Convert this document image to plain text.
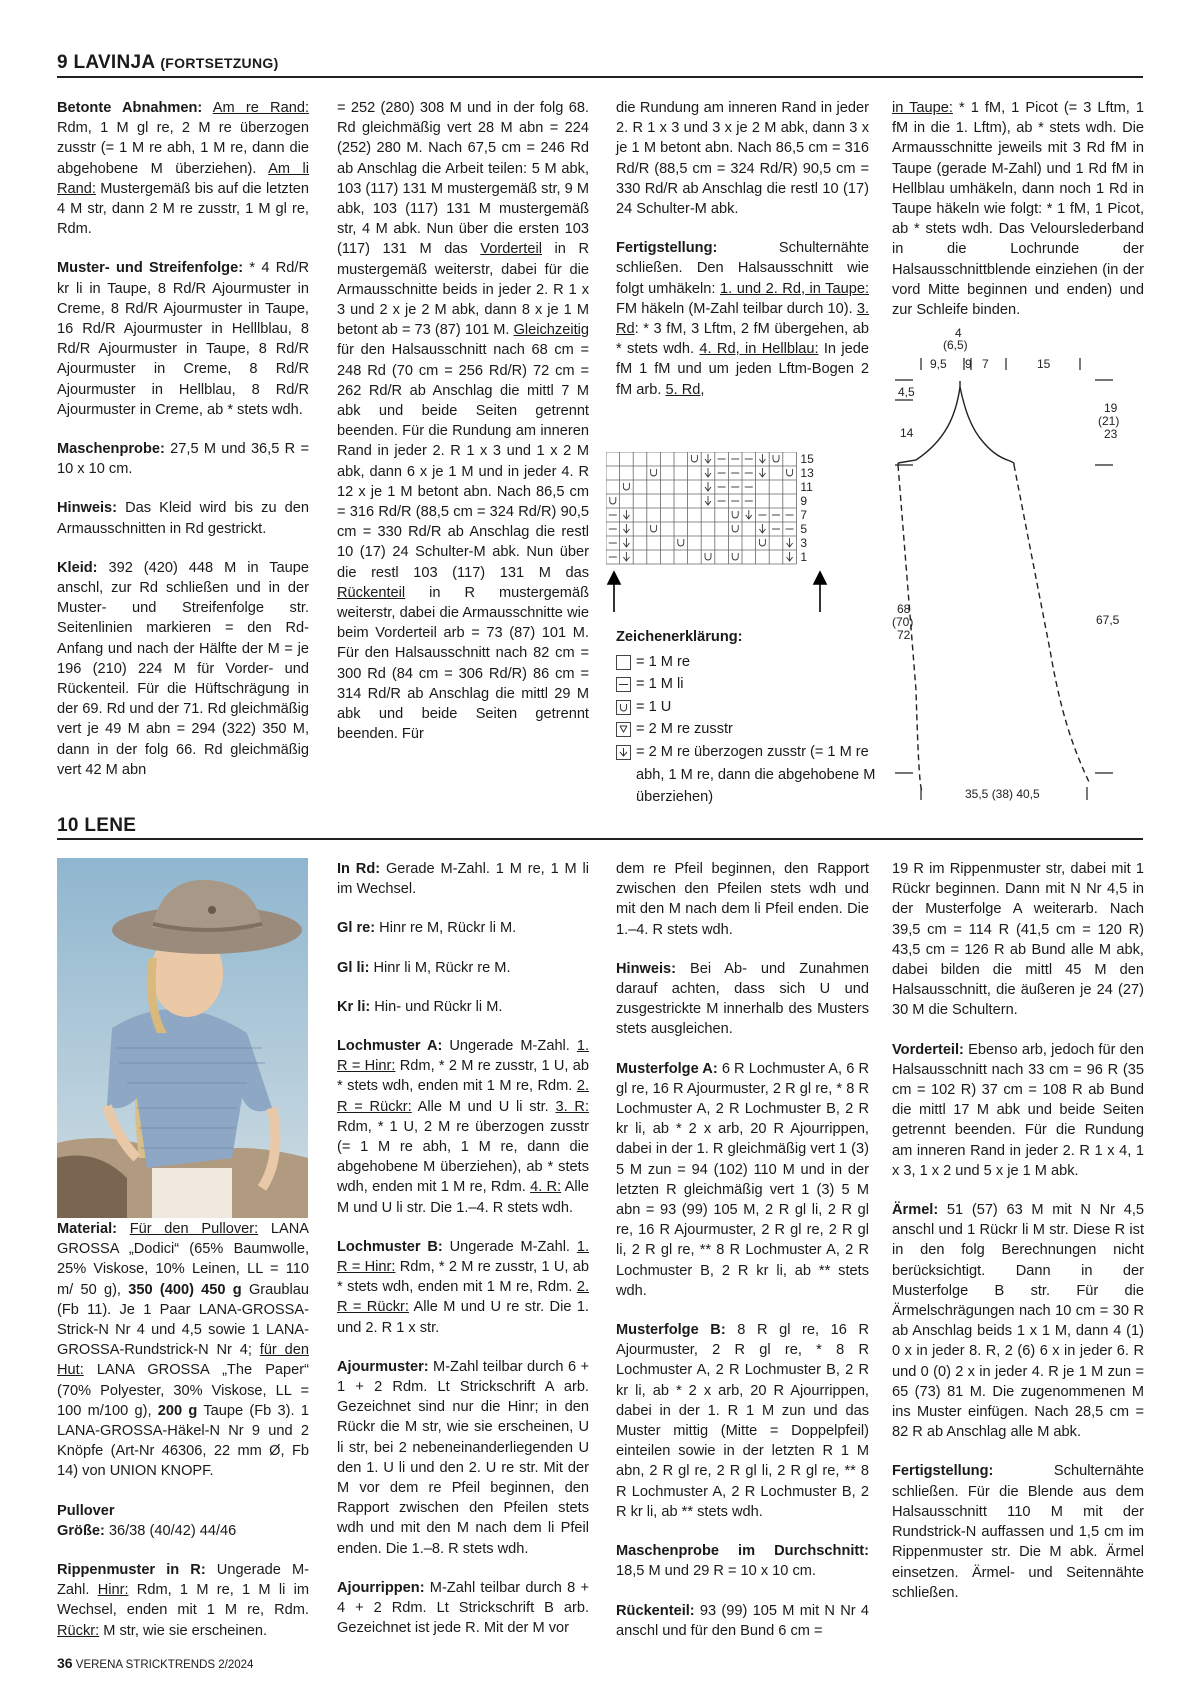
9 LAVINJA (FORTSETZUNG)

Betonte Abnahmen: Am re Rand: Rdm, 1 M gl re, 2 M re überzogen zusstr (= 1 M re abh, 1 M re, dann die abgehobene M überziehen). Am li Rand: Mustergemäß bis auf die letzten 4 M str, dann 2 M re zusstr, 1 M gl re, Rdm.

Muster- und Streifenfolge: * 4 Rd/R kr li in Taupe, 8 Rd/R Ajourmuster in Creme, 8 Rd/R Ajourmuster in Taupe, 16 Rd/R Ajourmuster in Helllblau, 8 Rd/R Ajourmuster in Taupe, 8 Rd/R Ajourmuster in Creme, 8 Rd/R Ajourmuster in Hellblau, 8 Rd/R Ajourmuster in Creme, ab * stets wdh.

Maschenprobe: 27,5 M und 36,5 R = 10 x 10 cm.

Hinweis: Das Kleid wird bis zu den Armausschnitten in Rd gestrickt.

Kleid: 392 (420) 448 M in Taupe anschl, zur Rd schließen und in der Muster- und Streifenfolge str. Seitenlinien markieren = den Rd-Anfang und nach der Hälfte der M = je 196 (210) 224 M für Vorder- und Rückenteil. Für die Hüftschrägung in der 69. Rd und der 71. Rd gleichmäßig vert je 49 M abn = 294 (322) 350 M, dann in der folg 66. Rd gleichmäßig vert 42 M abn

= 252 (280) 308 M und in der folg 68. Rd gleichmäßig vert 28 M abn = 224 (252) 280 M. Nach 67,5 cm = 246 Rd ab Anschlag die Arbeit teilen: 5 M abk, 103 (117) 131 M mustergemäß str, 9 M abk, 103 (117) 131 M mustergemäß str, 4 M abk. Nun über die ersten 103 (117) 131 M das Vorderteil in R mustergemäß weiterstr, dabei für die Armausschnitte beids in jeder 2. R 1 x 3 und 2 x je 2 M abk, dann 8 x je 1 M betont ab = 73 (87) 101 M. Gleichzeitig für den Halsausschnitt nach 68 cm = 248 Rd (70 cm = 256 Rd/R) 72 cm = 262 Rd/R ab Anschlag die mittl 7 M abk und beide Seiten getrennt beenden. Für die Rundung am inneren Rand in jeder 2. R 1 x 3 und 1 x 2 M abk, dann 6 x je 1 M und in jeder 4. R 12 x je 1 M betont abn. Nach 86,5 cm = 316 Rd/R (88,5 cm = 324 Rd/R) 90,5 cm = 330 Rd/R ab Anschlag die restl 10 (17) 24 Schulter-M abk. Nun über die restl 103 (117) 131 M das Rückenteil in R mustergemäß weiterstr, dabei die Armausschnitte wie beim Vorderteil arb = 73 (87) 101 M. Für den Halsausschnitt nach 82 cm = 300 Rd (84 cm = 306 Rd/R) 86 cm = 314 Rd/R ab Anschlag die mittl 29 M abk und beide Seiten getrennt beenden. Für

die Rundung am inneren Rand in jeder 2. R 1 x 3 und 3 x je 2 M abk, dann 3 x je 1 M betont abn. Nach 86,5 cm = 316 Rd/R (88,5 cm = 324 Rd/R) 90,5 cm = 330 Rd/R ab Anschlag die restl 10 (17) 24 Schulter-M abk.

Fertigstellung: Schulternähte schließen. Den Halsausschnitt wie folgt umhäkeln: 1. und 2. Rd, in Taupe: FM häkeln (M-Zahl teilbar durch 10). 3. Rd: * 3 fM, 3 Lftm, 2 fM übergehen, ab * stets wdh. 4. Rd, in Hellblau: In jede fM 1 fM und um jeden Lftm-Bogen 2 fM arb. 5. Rd,

in Taupe: * 1 fM, 1 Picot (= 3 Lftm, 1 fM in die 1. Lftm), ab * stets wdh. Die Armausschnitte jeweils mit 3 Rd fM in Taupe (gerade M-Zahl) und 1 Rd fM in Hellblau umhäkeln, dann noch 1 Rd in Taupe häkeln wie folgt: * 1 fM, 1 Picot, ab * stets wdh. Das Velourslederband in die Lochrunde der Halsausschnittblende einziehen (in der vord Mitte beginnen und enden) und zur Schleife binden.

15
13
11
9
7
5
3
1
Zeichenerklärung:
= 1 M re
= 1 M li
= 1 U
= 2 M re zusstr
= 2 M re überzogen zusstr (= 1 M re abh, 1 M re, dann die abgehobene M überziehen)
4
(6,5)
9,5 9 7	15
4,5
14
68
(70)
72
19
(21)
23
67,5
35,5 (38) 40,5
10 LENE

Material: Für den Pullover: LANA GROSSA „Dodici“ (65% Baumwolle, 25% Viskose, 10% Leinen, LL = 110 m/ 50 g), 350 (400) 450 g Graublau (Fb 11). Je 1 Paar LANA-GROSSA-Strick-N Nr 4 und 4,5 sowie 1 LANA-GROSSA-Rundstrick-N Nr 4; für den Hut: LANA GROSSA „The Paper“ (70% Polyester, 30% Viskose, LL = 100 m/100 g), 200 g Taupe (Fb 3). 1 LANA-GROSSA-Häkel-N Nr 9 und 2 Knöpfe (Art-Nr 46306, 22 mm Ø, Fb 14) von UNION KNOPF.

Pullover

Größe: 36/38 (40/42) 44/46

Rippenmuster in R: Ungerade M-Zahl. Hinr: Rdm, 1 M re, 1 M li im Wechsel, enden mit 1 M re, Rdm. Rückr: M str, wie sie erscheinen.

In Rd: Gerade M-Zahl. 1 M re, 1 M li im Wechsel.

Gl re: Hinr re M, Rückr li M.

Gl li: Hinr li M, Rückr re M.

Kr li: Hin- und Rückr li M.

Lochmuster A: Ungerade M-Zahl. 1. R = Hinr: Rdm, * 2 M re zusstr, 1 U, ab * stets wdh, enden mit 1 M re, Rdm. 2. R = Rückr: Alle M und U li str. 3. R: Rdm, * 1 U, 2 M re überzogen zusstr (= 1 M re abh, 1 M re, dann die abgehobene M überziehen), ab * stets wdh, enden mit 1 M re, Rdm. 4. R: Alle M und U li str. Die 1.–4. R stets wdh.

Lochmuster B: Ungerade M-Zahl. 1. R = Hinr: Rdm, * 2 M re zusstr, 1 U, ab * stets wdh, enden mit 1 M re, Rdm. 2. R = Rückr: Alle M und U re str. Die 1. und 2. R 1 x str.

Ajourmuster: M-Zahl teilbar durch 6 + 1 + 2 Rdm. Lt Strickschrift A arb. Gezeichnet sind nur die Hinr; in den Rückr die M str, wie sie erscheinen, U li str, bei 2 nebeneinanderliegenden U den 1. U li und den 2. U re str. Mit der M vor dem re Pfeil beginnen, den Rapport zwischen den Pfeilen stets wdh und mit den M nach dem li Pfeil enden. Die 1.–8. R stets wdh.

Ajourrippen: M-Zahl teilbar durch 8 + 4 + 2 Rdm. Lt Strickschrift B arb. Gezeichnet ist jede R. Mit der M vor

dem re Pfeil beginnen, den Rapport zwischen den Pfeilen stets wdh und mit den M nach dem li Pfeil enden. Die 1.–4. R stets wdh.

Hinweis: Bei Ab- und Zunahmen darauf achten, dass sich U und zusgestrickte M innerhalb des Musters stets ausgleichen.

Musterfolge A: 6 R Lochmuster A, 6 R gl re, 16 R Ajourmuster, 2 R gl re, * 8 R Lochmuster A, 2 R Lochmuster B, 2 R kr li, ab * 2 x arb, 20 R Ajourrippen, dabei in der 1. R gleichmäßig vert 1 (3) 5 M zun = 94 (102) 110 M und in der letzten R gleichmäßig vert 1 (3) 5 M abn = 93 (99) 105 M, 2 R gl li, 2 R gl re, 16 R Ajourmuster, 2 R gl re, 2 R gl li, 2 R gl re, ** 8 R Lochmuster A, 2 R Lochmuster B, 2 R kr li, ab ** stets wdh.

Musterfolge B: 8 R gl re, 16 R Ajourmuster, 2 R gl re, * 8 R Lochmuster A, 2 R Lochmuster B, 2 R kr li, ab * 2 x arb, 20 R Ajourrippen, dabei in der 1. R 1 M zun und das Muster mittig (Mitte = Doppelpfeil) einteilen sowie in der letzten R 1 M abn, 2 R gl re, 2 R gl li, 2 R gl re, ** 8 R Lochmuster A, 2 R Lochmuster B, 2 R kr li, ab ** stets wdh.

Maschenprobe im Durchschnitt: 18,5 M und 29 R = 10 x 10 cm.

Rückenteil: 93 (99) 105 M mit N Nr 4 anschl und für den Bund 6 cm =

19 R im Rippenmuster str, dabei mit 1 Rückr beginnen. Dann mit N Nr 4,5 in der Musterfolge A weiterarb. Nach 39,5 cm = 114 R (41,5 cm = 120 R) 43,5 cm = 126 R ab Bund alle M abk, dabei bilden die mittl 45 M den Halsausschnitt, die äußeren je 24 (27) 30 M die Schultern.

Vorderteil: Ebenso arb, jedoch für den Halsausschnitt nach 33 cm = 96 R (35 cm = 102 R) 37 cm = 108 R ab Bund die mittl 17 M abk und beide Seiten getrennt beenden. Für die Rundung am inneren Rand in jeder 2. R 1 x 4, 1 x 3, 1 x 2 und 5 x je 1 M abk.

Ärmel: 51 (57) 63 M mit N Nr 4,5 anschl und 1 Rückr li M str. Diese R ist in den folg Berechnungen nicht berücksichtigt. Dann in der Musterfolge B str. Für die Ärmelschrägungen nach 10 cm = 30 R ab Anschlag beids 1 x 1 M, dann 4 (1) 0 x in jeder 8. R, 2 (6) 6 x in jeder 6. R und 0 (0) 2 x in jeder 4. R je 1 M zun = 65 (73) 81 M. Die zugenommenen M ins Muster einfügen. Nach 28,5 cm = 82 R ab Anschlag alle M abk.

Fertigstellung: Schulternähte schließen. Für die Blende aus dem Halsausschnitt 110 M mit der Rundstrick-N auffassen und 1,5 cm im Rippenmuster str. Die M abk. Ärmel einsetzen. Ärmel- und Seitennähte schließen.

36 VERENA STRICKTRENDS 2/2024
